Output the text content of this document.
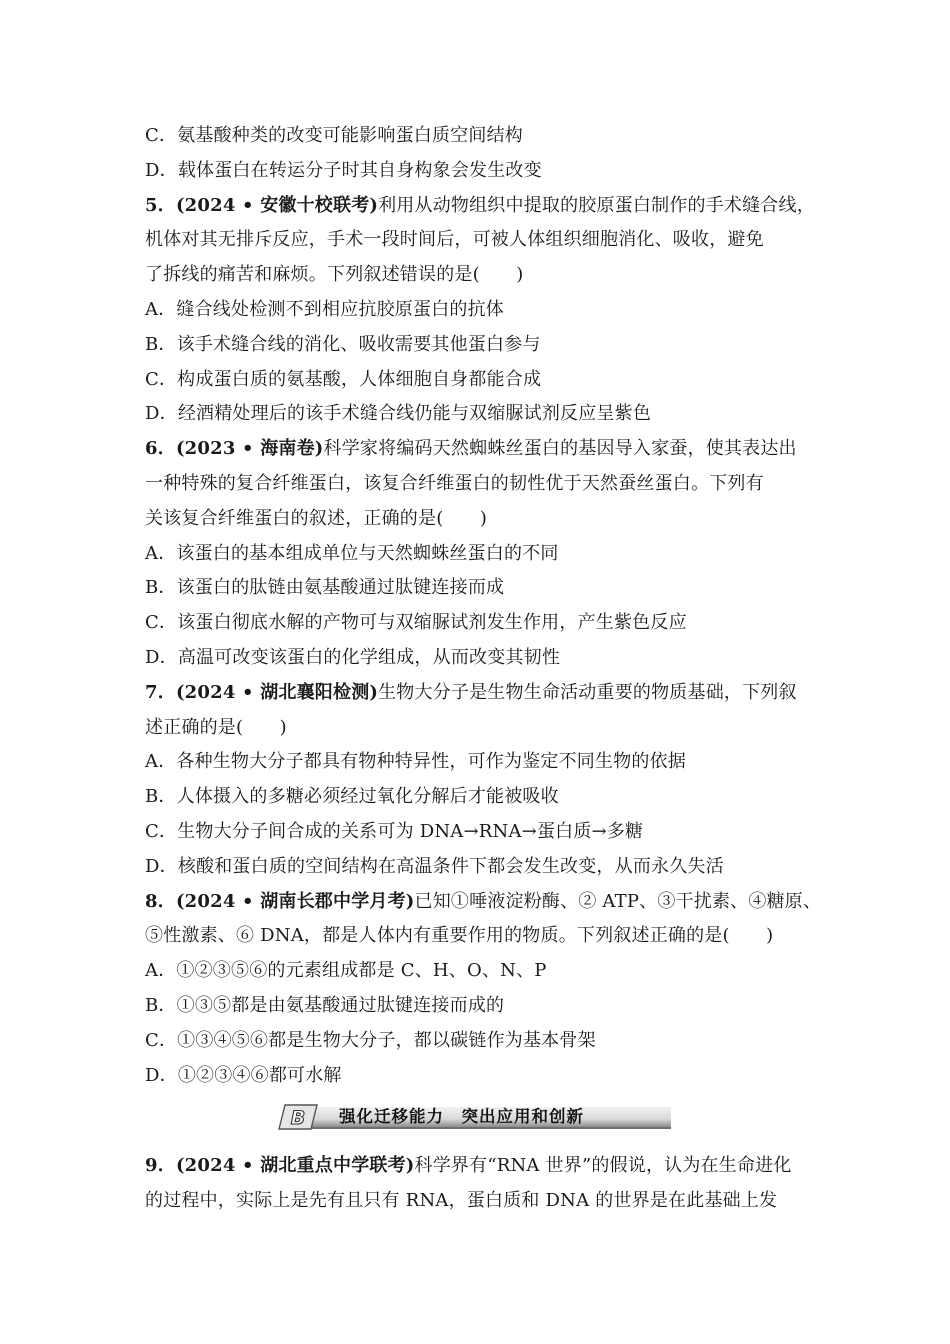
C．氨基酸种类的改变可能影响蛋白质空间结构
D．载体蛋白在转运分子时其自身构象会发生改变
5．(2024 • 安徽十校联考)利用从动物组织中提取的胶原蛋白制作的手术缝合线，
机体对其无排斥反应，手术一段时间后，可被人体组织细胞消化、吸收，避免
了拆线的痛苦和麻烦。下列叙述错误的是(　　)
A．缝合线处检测不到相应抗胶原蛋白的抗体
B．该手术缝合线的消化、吸收需要其他蛋白参与
C．构成蛋白质的氨基酸，人体细胞自身都能合成
D．经酒精处理后的该手术缝合线仍能与双缩脲试剂反应呈紫色
6．(2023 • 海南卷)科学家将编码天然蜘蛛丝蛋白的基因导入家蚕，使其表达出
一种特殊的复合纤维蛋白，该复合纤维蛋白的韧性优于天然蚕丝蛋白。下列有
关该复合纤维蛋白的叙述，正确的是(　　)
A．该蛋白的基本组成单位与天然蜘蛛丝蛋白的不同
B．该蛋白的肽链由氨基酸通过肽键连接而成
C．该蛋白彻底水解的产物可与双缩脲试剂发生作用，产生紫色反应
D．高温可改变该蛋白的化学组成，从而改变其韧性
7．(2024 • 湖北襄阳检测)生物大分子是生物生命活动重要的物质基础，下列叙
述正确的是(　　)
A．各种生物大分子都具有物种特异性，可作为鉴定不同生物的依据
B．人体摄入的多糖必须经过氧化分解后才能被吸收
C．生物大分子间合成的关系可为 DNA→RNA→蛋白质→多糖
D．核酸和蛋白质的空间结构在高温条件下都会发生改变，从而永久失活
8．(2024 • 湖南长郡中学月考)已知①唾液淀粉酶、② ATP、③干扰素、④糖原、
⑤性激素、⑥ DNA，都是人体内有重要作用的物质。下列叙述正确的是(　　)
A．①②③⑤⑥的元素组成都是 C、H、O、N、P
B．①③⑤都是由氨基酸通过肽键连接而成的
C．①③④⑤⑥都是生物大分子，都以碳链作为基本骨架
D．①②③④⑥都可水解
B 强化迁移能力　突出应用和创新
9．(2024 • 湖北重点中学联考)科学界有“RNA 世界”的假说，认为在生命进化
的过程中，实际上是先有且只有 RNA，蛋白质和 DNA 的世界是在此基础上发
